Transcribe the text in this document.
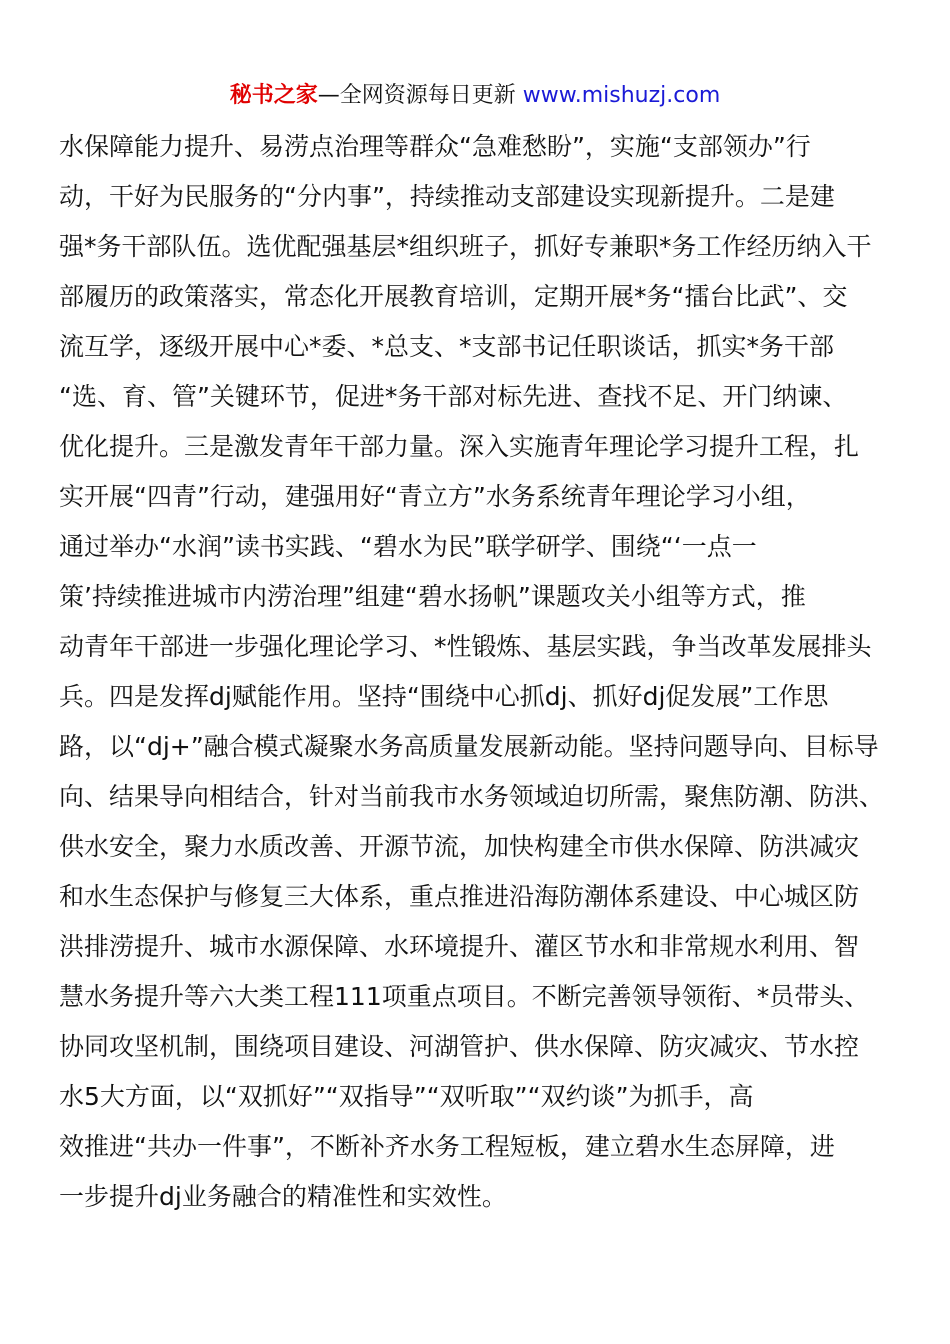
秘书之家—全网资源每日更新 www.mishuzj.com
水保障能力提升、易涝点治理等群众“急难愁盼”，实施“支部领办”行
动，干好为民服务的“分内事”，持续推动支部建设实现新提升。二是建
强*务干部队伍。选优配强基层*组织班子，抓好专兼职*务工作经历纳入干
部履历的政策落实，常态化开展教育培训，定期开展*务“擂台比武”、交
流互学，逐级开展中心*委、*总支、*支部书记任职谈话，抓实*务干部
“选、育、管”关键环节，促进*务干部对标先进、查找不足、开门纳谏、
优化提升。三是激发青年干部力量。深入实施青年理论学习提升工程，扎
实开展“四青”行动，建强用好“青立方”水务系统青年理论学习小组，
通过举办“水润”读书实践、“碧水为民”联学研学、围绕“‘一点一
策’持续推进城市内涝治理”组建“碧水扬帆”课题攻关小组等方式，推
动青年干部进一步强化理论学习、*性锻炼、基层实践，争当改革发展排头
兵。四是发挥dj赋能作用。坚持“围绕中心抓dj、抓好dj促发展”工作思
路，以“dj+”融合模式凝聚水务高质量发展新动能。坚持问题导向、目标导
向、结果导向相结合，针对当前我市水务领域迫切所需，聚焦防潮、防洪、
供水安全，聚力水质改善、开源节流，加快构建全市供水保障、防洪减灾
和水生态保护与修复三大体系，重点推进沿海防潮体系建设、中心城区防
洪排涝提升、城市水源保障、水环境提升、灌区节水和非常规水利用、智
慧水务提升等六大类工程111项重点项目。不断完善领导领衔、*员带头、
协同攻坚机制，围绕项目建设、河湖管护、供水保障、防灾减灾、节水控
水5大方面，以“双抓好”“双指导”“双听取”“双约谈”为抓手，高
效推进“共办一件事”，不断补齐水务工程短板，建立碧水生态屏障，进
一步提升dj业务融合的精准性和实效性。
